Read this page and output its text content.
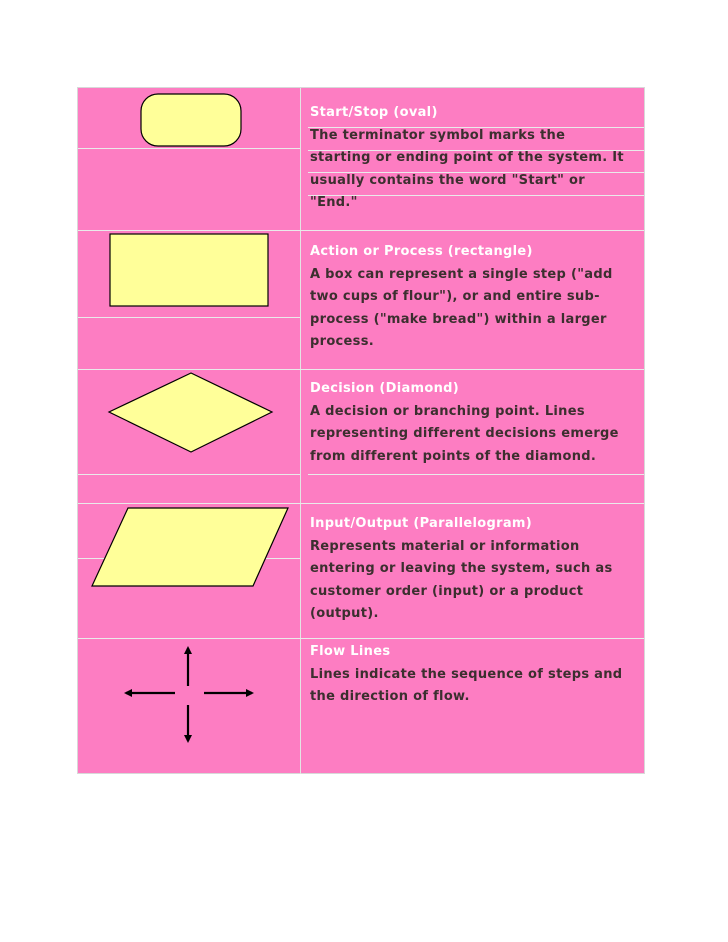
Start/Stop (oval)
The terminator symbol marks the
starting or ending point of the system. It
usually contains the word "Start" or
"End."
Action or Process (rectangle)
A box can represent a single step ("add
two cups of flour"), or and entire sub-
process ("make bread") within a larger
process.
Decision (Diamond)
A decision or branching point. Lines
representing different decisions emerge
from different points of the diamond.
Input/Output (Parallelogram)
Represents material or information
entering or leaving the system, such as
customer order (input) or a product
(output).
Flow Lines
Lines indicate the sequence of steps and
the direction of flow.
